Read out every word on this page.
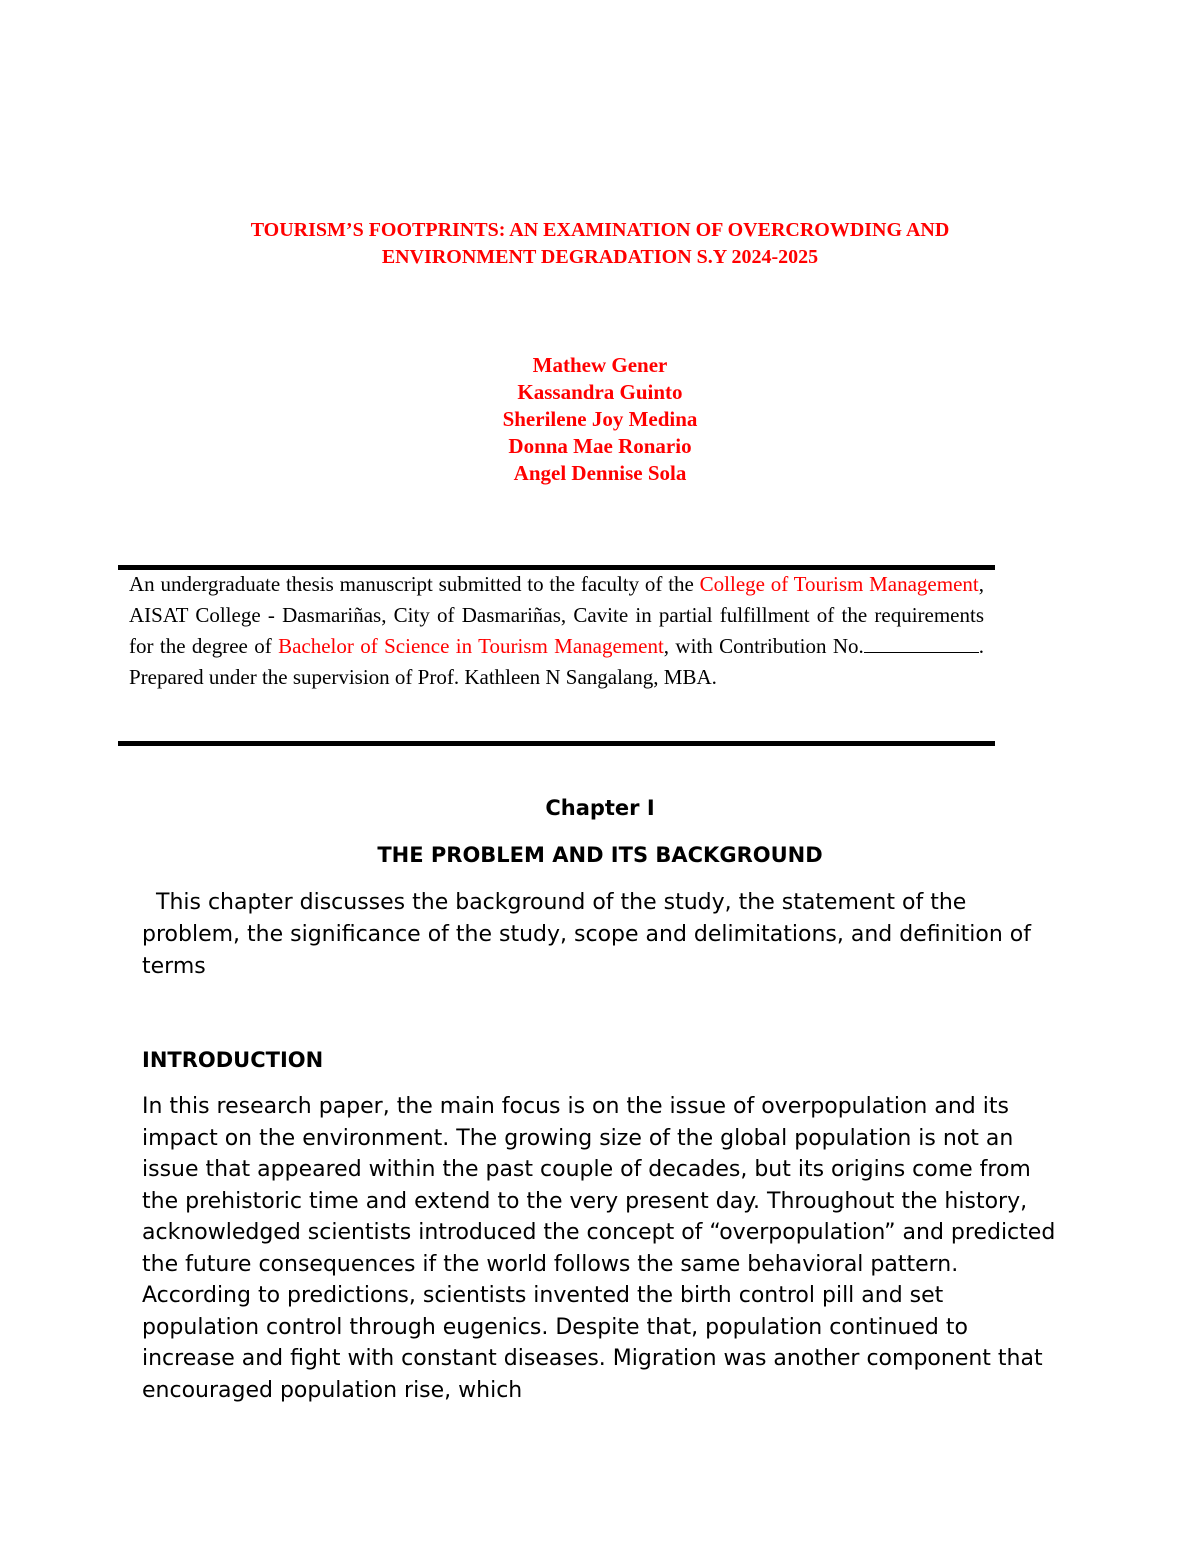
TOURISM’S FOOTPRINTS: AN EXAMINATION OF OVERCROWDING AND
ENVIRONMENT DEGRADATION S.Y 2024-2025
Mathew Gener
Kassandra Guinto
Sherilene Joy Medina
Donna Mae Ronario
Angel Dennise Sola

An undergraduate thesis manuscript submitted to the faculty of the College of Tourism Management, AISAT College - Dasmariñas, City of Dasmariñas, Cavite in partial fulfillment of the requirements for the degree of Bachelor of Science in Tourism Management, with Contribution No.	. Prepared under the supervision of Prof. Kathleen N Sangalang, MBA.

Chapter I
THE PROBLEM AND ITS BACKGROUND

This chapter discusses the background of the study, the statement of the problem, the significance of the study, scope and delimitations, and definition of terms

INTRODUCTION

In this research paper, the main focus is on the issue of overpopulation and its impact on the environment. The growing size of the global population is not an issue that appeared within the past couple of decades, but its origins come from the prehistoric time and extend to the very present day. Throughout the history, acknowledged scientists introduced the concept of “overpopulation” and predicted the future consequences if the world follows the same behavioral pattern. According to predictions, scientists invented the birth control pill and set population control through eugenics. Despite that, population continued to increase and fight with constant diseases. Migration was another component that encouraged population rise, which
